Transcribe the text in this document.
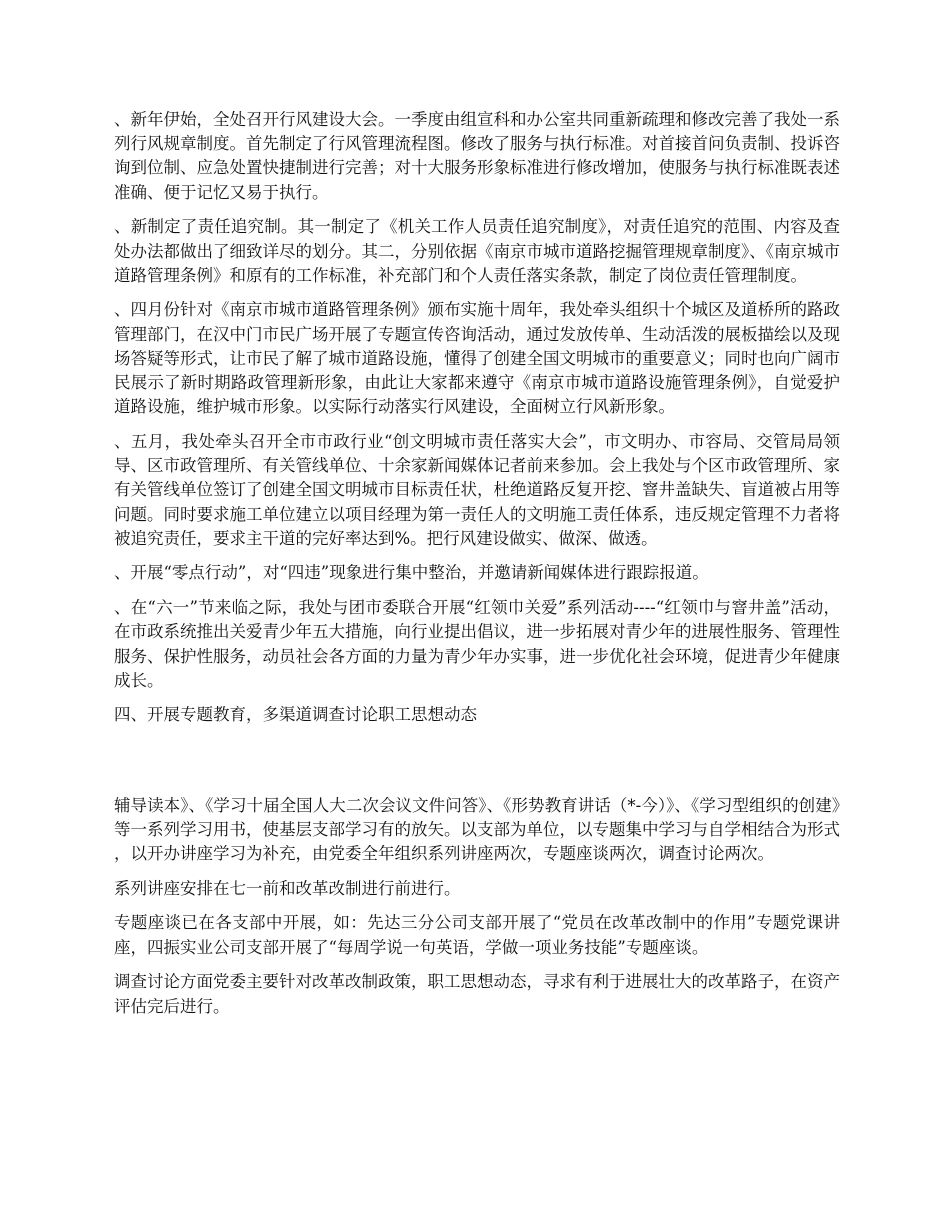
、新年伊始，全处召开行风建设大会。一季度由组宣科和办公室共同重新疏理和修改完善了我处一系列行风规章制度。首先制定了行风管理流程图。修改了服务与执行标准。对首接首问负责制、投诉咨询到位制、应急处置快捷制进行完善；对十大服务形象标准进行修改增加，使服务与执行标准既表述准确、便于记忆又易于执行。

、新制定了责任追究制。其一制定了《机关工作人员责任追究制度》，对责任追究的范围、内容及查处办法都做出了细致详尽的划分。其二，分别依据《南京市城市道路挖掘管理规章制度》、《南京城市道路管理条例》和原有的工作标准，补充部门和个人责任落实条款，制定了岗位责任管理制度。

、四月份针对《南京市城市道路管理条例》颁布实施十周年，我处牵头组织十个城区及道桥所的路政管理部门，在汉中门市民广场开展了专题宣传咨询活动，通过发放传单、生动活泼的展板描绘以及现场答疑等形式，让市民了解了城市道路设施，懂得了创建全国文明城市的重要意义；同时也向广阔市民展示了新时期路政管理新形象，由此让大家都来遵守《南京市城市道路设施管理条例》，自觉爱护道路设施，维护城市形象。以实际行动落实行风建设，全面树立行风新形象。

、五月，我处牵头召开全市市政行业“创文明城市责任落实大会”，市文明办、市容局、交管局局领导、区市政管理所、有关管线单位、十余家新闻媒体记者前来参加。会上我处与个区市政管理所、家有关管线单位签订了创建全国文明城市目标责任状，杜绝道路反复开挖、窨井盖缺失、盲道被占用等问题。同时要求施工单位建立以项目经理为第一责任人的文明施工责任体系，违反规定管理不力者将被追究责任，要求主干道的完好率达到%。把行风建设做实、做深、做透。

、开展“零点行动”，对“四违”现象进行集中整治，并邀请新闻媒体进行跟踪报道。

、在“六一”节来临之际，我处与团市委联合开展“红领巾关爱”系列活动----“红领巾与窨井盖”活动，在市政系统推出关爱青少年五大措施，向行业提出倡议，进一步拓展对青少年的进展性服务、管理性服务、保护性服务，动员社会各方面的力量为青少年办实事，进一步优化社会环境，促进青少年健康成长。

四、开展专题教育，多渠道调查讨论职工思想动态

辅导读本》、《学习十届全国人大二次会议文件问答》、《形势教育讲话（*-今）》、《学习型组织的创建》等一系列学习用书，使基层支部学习有的放矢。以支部为单位，以专题集中学习与自学相结合为形式，以开办讲座学习为补充，由党委全年组织系列讲座两次，专题座谈两次，调查讨论两次。

系列讲座安排在七一前和改革改制进行前进行。

专题座谈已在各支部中开展，如：先达三分公司支部开展了“党员在改革改制中的作用”专题党课讲座，四振实业公司支部开展了“每周学说一句英语，学做一项业务技能”专题座谈。

调查讨论方面党委主要针对改革改制政策，职工思想动态，寻求有利于进展壮大的改革路子，在资产评估完后进行。
